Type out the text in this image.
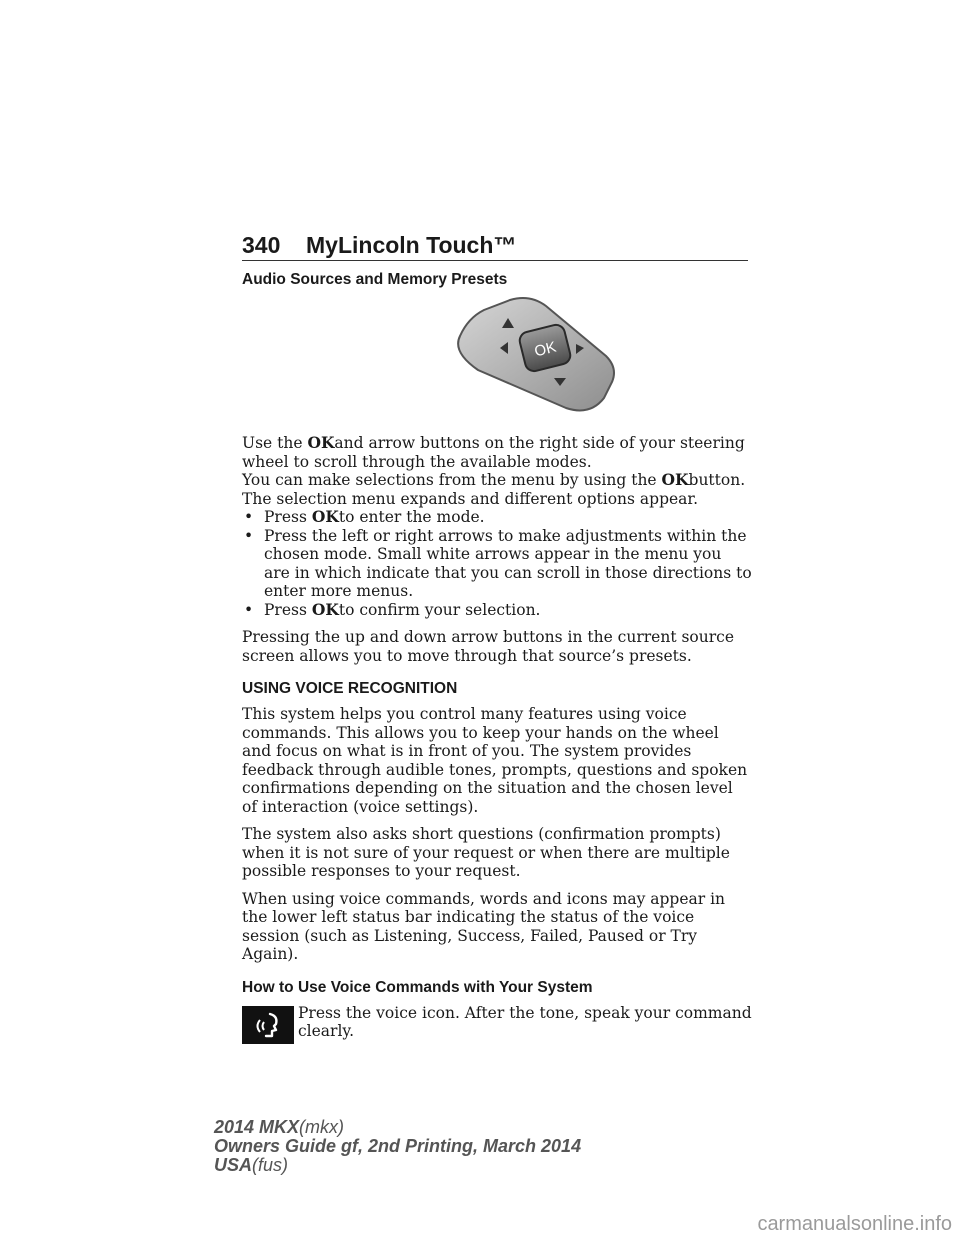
340 MyLincoln Touch™
Audio Sources and Memory Presets
OK

Use the OKand arrow buttons on the right side of your steering wheel to scroll through the available modes.

You can make selections from the menu by using the OKbutton. The selection menu expands and different options appear.

• Press OKto enter the mode.
• Press the left or right arrows to make adjustments within the chosen mode. Small white arrows appear in the menu you are in which indicate that you can scroll in those directions to enter more menus.
• Press OKto confirm your selection.

Pressing the up and down arrow buttons in the current source screen allows you to move through that source’s presets.

USING VOICE RECOGNITION

This system helps you control many features using voice commands. This allows you to keep your hands on the wheel and focus on what is in front of you. The system provides feedback through audible tones, prompts, questions and spoken confirmations depending on the situation and the chosen level of interaction (voice settings).

The system also asks short questions (confirmation prompts) when it is not sure of your request or when there are multiple possible responses to your request.

When using voice commands, words and icons may appear in the lower left status bar indicating the status of the voice session (such as Listening, Success, Failed, Paused or Try Again).

How to Use Voice Commands with Your System

Press the voice icon. After the tone, speak your command clearly.

2014 MKX(mkx)
Owners Guide gf, 2nd Printing, March 2014
USA(fus)
carmanualsonline.info
